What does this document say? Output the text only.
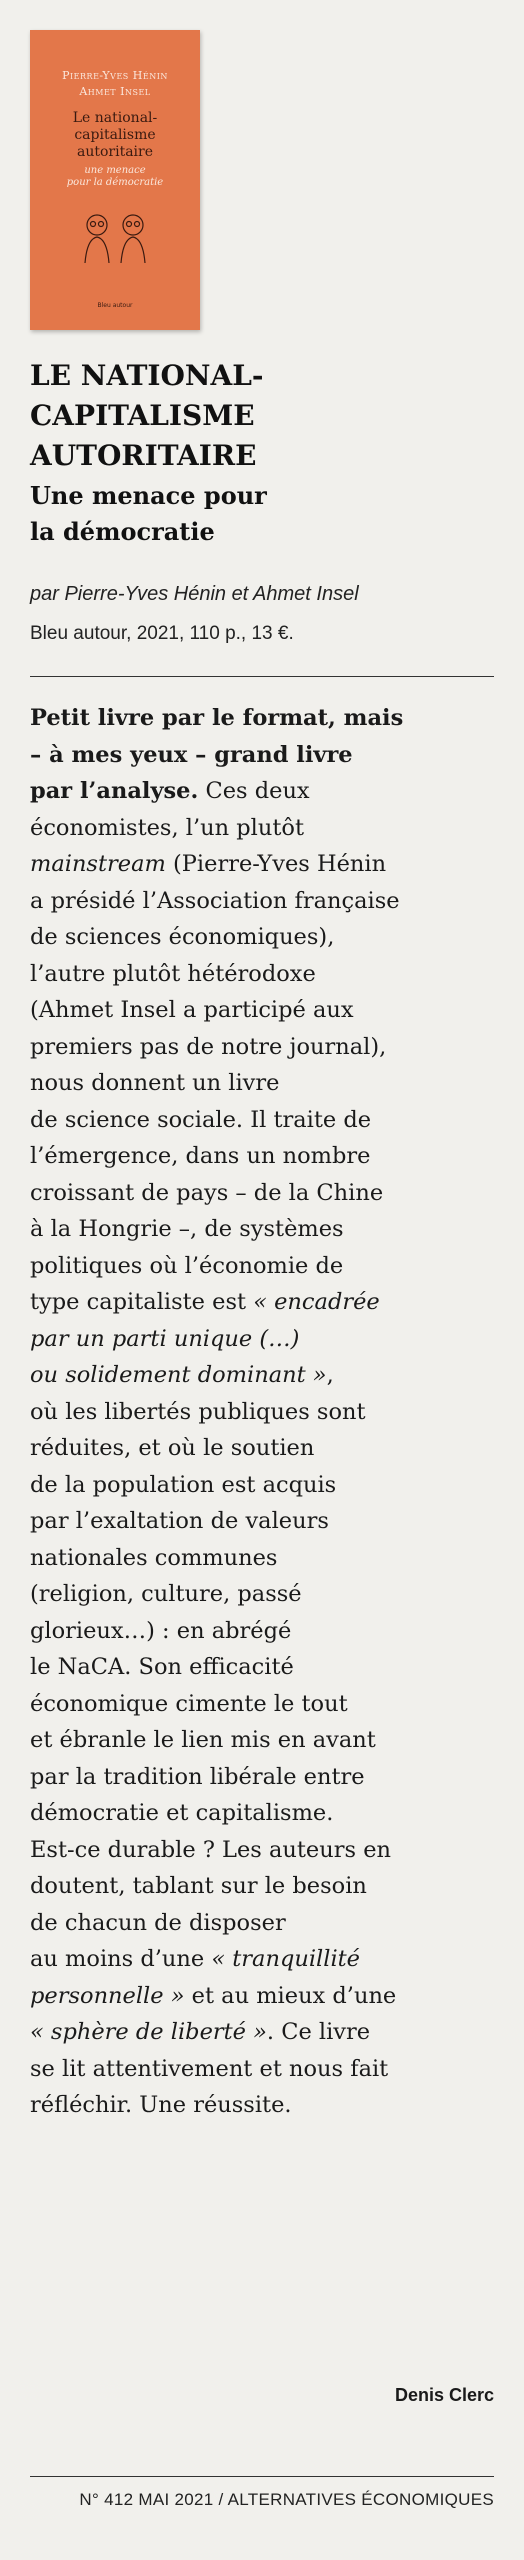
Pierre-Yves Hénin
Ahmet Insel
Le national-
capitalisme
autoritaire
une menace
pour la démocratie
Bleu autour
LE NATIONAL-
CAPITALISME
AUTORITAIRE
Une menace pour
la démocratie
par Pierre-Yves Hénin et Ahmet Insel
Bleu autour, 2021, 110 p., 13 €.
Petit livre par le format, mais
– à mes yeux – grand livre
par l’analyse. Ces deux
économistes, l’un plutôt
mainstream (Pierre-Yves Hénin
a présidé l’Association française
de sciences économiques),
l’autre plutôt hétérodoxe
(Ahmet Insel a participé aux
premiers pas de notre journal),
nous donnent un livre
de science sociale. Il traite de
l’émergence, dans un nombre
croissant de pays – de la Chine
à la Hongrie –, de systèmes
politiques où l’économie de
type capitaliste est « encadrée
par un parti unique (…)
ou solidement dominant »,
où les libertés publiques sont
réduites, et où le soutien
de la population est acquis
par l’exaltation de valeurs
nationales communes
(religion, culture, passé
glorieux…) : en abrégé
le NaCA. Son efficacité
économique cimente le tout
et ébranle le lien mis en avant
par la tradition libérale entre
démocratie et capitalisme.
Est-ce durable ? Les auteurs en
doutent, tablant sur le besoin
de chacun de disposer
au moins d’une « tranquillité
personnelle » et au mieux d’une
« sphère de liberté ». Ce livre
se lit attentivement et nous fait
réfléchir. Une réussite.
Denis Clerc
N° 412 MAI 2021 / ALTERNATIVES ÉCONOMIQUES
